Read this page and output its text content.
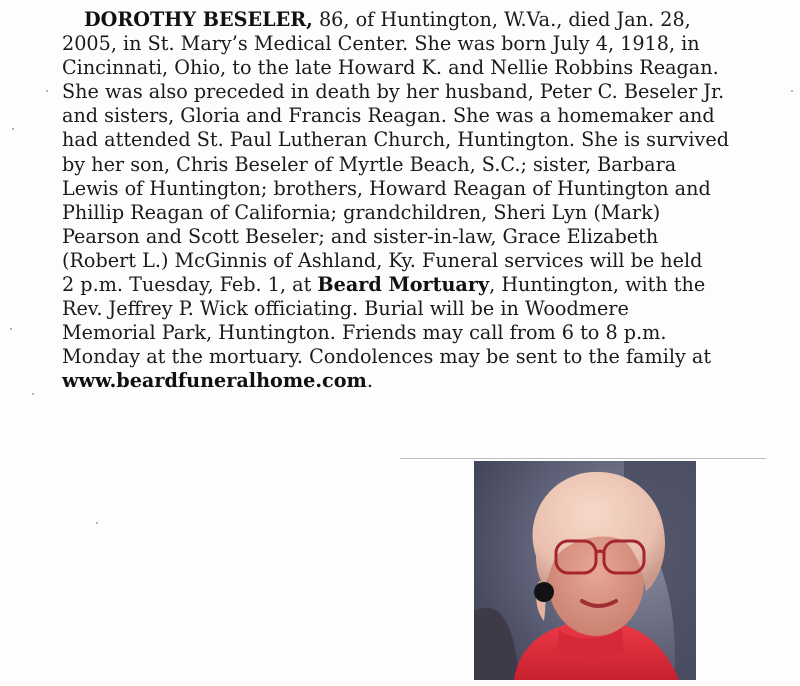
DOROTHY BESELER, 86, of Huntington, W.Va., died Jan. 28,
2005, in St. Mary’s Medical Center. She was born July 4, 1918, in
Cincinnati, Ohio, to the late Howard K. and Nellie Robbins Reagan.
She was also preceded in death by her husband, Peter C. Beseler Jr.
and sisters, Gloria and Francis Reagan. She was a homemaker and
had attended St. Paul Lutheran Church, Huntington. She is survived
by her son, Chris Beseler of Myrtle Beach, S.C.; sister, Barbara
Lewis of Huntington; brothers, Howard Reagan of Huntington and
Phillip Reagan of California; grandchildren, Sheri Lyn (Mark)
Pearson and Scott Beseler; and sister-in-law, Grace Elizabeth
(Robert L.) McGinnis of Ashland, Ky. Funeral services will be held
2 p.m. Tuesday, Feb. 1, at Beard Mortuary, Huntington, with the
Rev. Jeffrey P. Wick officiating. Burial will be in Woodmere
Memorial Park, Huntington. Friends may call from 6 to 8 p.m.
Monday at the mortuary. Condolences may be sent to the family at
www.beardfuneralhome.com.
